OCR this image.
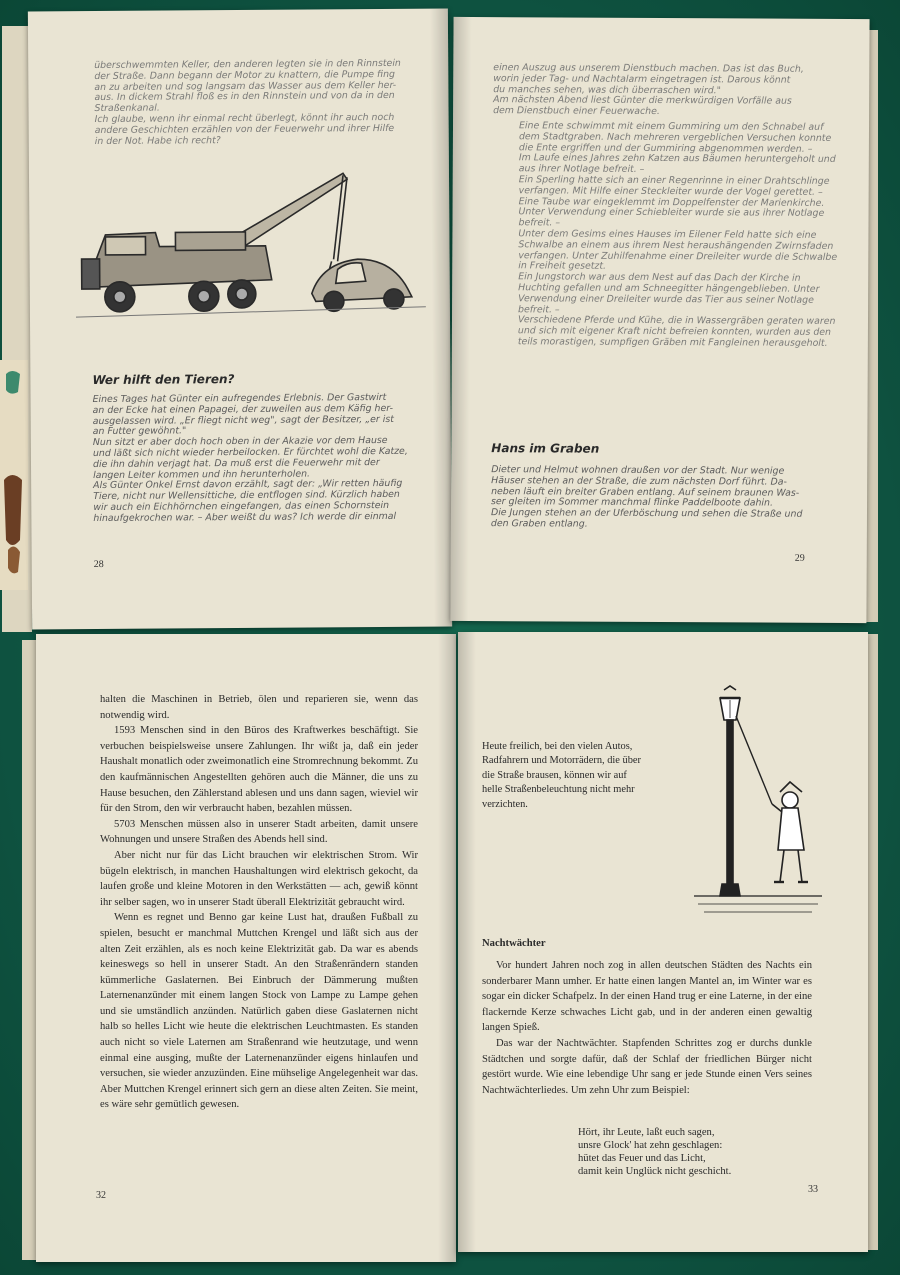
überschwemmten Keller, den anderen legten sie in den Rinnstein
der Straße. Dann begann der Motor zu knattern, die Pumpe fing
an zu arbeiten und sog langsam das Wasser aus dem Keller her-
aus. In dickem Strahl floß es in den Rinnstein und von da in den
Straßenkanal.
Ich glaube, wenn ihr einmal recht überlegt, könnt ihr auch noch
andere Geschichten erzählen von der Feuerwehr und ihrer Hilfe
in der Not. Habe ich recht?
Wer hilft den Tieren?
Eines Tages hat Günter ein aufregendes Erlebnis. Der Gastwirt
an der Ecke hat einen Papagei, der zuweilen aus dem Käfig her-
ausgelassen wird. „Er fliegt nicht weg", sagt der Besitzer, „er ist
an Futter gewöhnt."
Nun sitzt er aber doch hoch oben in der Akazie vor dem Hause
und läßt sich nicht wieder herbeilocken. Er fürchtet wohl die Katze,
die ihn dahin verjagt hat. Da muß erst die Feuerwehr mit der
langen Leiter kommen und ihn herunterholen.
Als Günter Onkel Ernst davon erzählt, sagt der: „Wir retten häufig
Tiere, nicht nur Wellensittiche, die entflogen sind. Kürzlich haben
wir auch ein Eichhörnchen eingefangen, das einen Schornstein
hinaufgekrochen war. – Aber weißt du was? Ich werde dir einmal
28
einen Auszug aus unserem Dienstbuch machen. Das ist das Buch,
worin jeder Tag- und Nachtalarm eingetragen ist. Darous könnt
du manches sehen, was dich überraschen wird."
Am nächsten Abend liest Günter die merkwürdigen Vorfälle aus
dem Dienstbuch einer Feuerwache.
Eine Ente schwimmt mit einem Gummiring um den Schnabel auf dem Stadtgraben. Nach mehreren vergeblichen Versuchen konnte die Ente ergriffen und der Gummiring abgenommen werden. –
Im Laufe eines Jahres zehn Katzen aus Bäumen heruntergeholt und aus ihrer Notlage befreit. –
Ein Sperling hatte sich an einer Regenrinne in einer Drahtschlinge verfangen. Mit Hilfe einer Steckleiter wurde der Vogel gerettet. –
Eine Taube war eingeklemmt im Doppelfenster der Marienkirche. Unter Verwendung einer Schiebleiter wurde sie aus ihrer Notlage befreit. –
Unter dem Gesims eines Hauses im Eilener Feld hatte sich eine Schwalbe an einem aus ihrem Nest heraushängenden Zwirnsfaden verfangen. Unter Zuhilfenahme einer Dreileiter wurde die Schwalbe in Freiheit gesetzt.
Ein Jungstorch war aus dem Nest auf das Dach der Kirche in Huchting gefallen und am Schneegitter hängengeblieben. Unter Verwendung einer Dreileiter wurde das Tier aus seiner Notlage befreit. –
Verschiedene Pferde und Kühe, die in Wassergräben geraten waren und sich mit eigener Kraft nicht befreien konnten, wurden aus den teils morastigen, sumpfigen Gräben mit Fangleinen herausgeholt.
Hans im Graben
Dieter und Helmut wohnen draußen vor der Stadt. Nur wenige
Häuser stehen an der Straße, die zum nächsten Dorf führt. Da-
neben läuft ein breiter Graben entlang. Auf seinem braunen Was-
ser gleiten im Sommer manchmal flinke Paddelboote dahin.
Die Jungen stehen an der Uferböschung und sehen die Straße und
den Graben entlang.
29

halten die Maschinen in Betrieb, ölen und reparieren sie, wenn das notwendig wird.

1593 Menschen sind in den Büros des Kraftwerkes beschäftigt. Sie verbuchen beispielsweise unsere Zahlungen. Ihr wißt ja, daß ein jeder Haushalt monatlich oder zweimonatlich eine Stromrechnung bekommt. Zu den kaufmännischen Angestellten gehören auch die Männer, die uns zu Hause besuchen, den Zählerstand ablesen und uns dann sagen, wieviel wir für den Strom, den wir verbraucht haben, bezahlen müssen.

5703 Menschen müssen also in unserer Stadt arbeiten, damit unsere Wohnungen und unsere Straßen des Abends hell sind.

Aber nicht nur für das Licht brauchen wir elektrischen Strom. Wir bügeln elektrisch, in manchen Haushaltungen wird elektrisch gekocht, da laufen große und kleine Motoren in den Werkstätten — ach, gewiß könnt ihr selber sagen, wo in unserer Stadt überall Elektrizität gebraucht wird.

Wenn es regnet und Benno gar keine Lust hat, draußen Fußball zu spielen, besucht er manchmal Muttchen Krengel und läßt sich aus der alten Zeit erzählen, als es noch keine Elektrizität gab. Da war es abends keineswegs so hell in unserer Stadt. An den Straßenrändern standen kümmerliche Gaslaternen. Bei Einbruch der Dämmerung mußten Laternenanzünder mit einem langen Stock von Lampe zu Lampe gehen und sie umständlich anzünden. Natürlich gaben diese Gaslaternen nicht halb so helles Licht wie heute die elektrischen Leuchtmasten. Es standen auch nicht so viele Laternen am Straßenrand wie heutzutage, und wenn einmal eine ausging, mußte der Laternenanzünder eigens hinlaufen und versuchen, sie wieder anzuzünden. Eine mühselige Angelegenheit war das. Aber Muttchen Krengel erinnert sich gern an diese alten Zeiten. Sie meint, es wäre sehr gemütlich gewesen.

32
Heute freilich, bei den vielen Autos,
Radfahrern und Motorrädern, die über
die Straße brausen, können wir auf
helle Straßenbeleuchtung nicht mehr
verzichten.
Nachtwächter

Vor hundert Jahren noch zog in allen deutschen Städten des Nachts ein sonderbarer Mann umher. Er hatte einen langen Mantel an, im Winter war es sogar ein dicker Schafpelz. In der einen Hand trug er eine Laterne, in der eine flackernde Kerze schwaches Licht gab, und in der anderen einen gewaltig langen Spieß.

Das war der Nachtwächter. Stapfenden Schrittes zog er durchs dunkle Städtchen und sorgte dafür, daß der Schlaf der friedlichen Bürger nicht gestört wurde. Wie eine lebendige Uhr sang er jede Stunde einen Vers seines Nachtwächterliedes. Um zehn Uhr zum Beispiel:

Hört, ihr Leute, laßt euch sagen,
unsre Glock' hat zehn geschlagen:
hütet das Feuer und das Licht,
damit kein Unglück nicht geschicht.
33
